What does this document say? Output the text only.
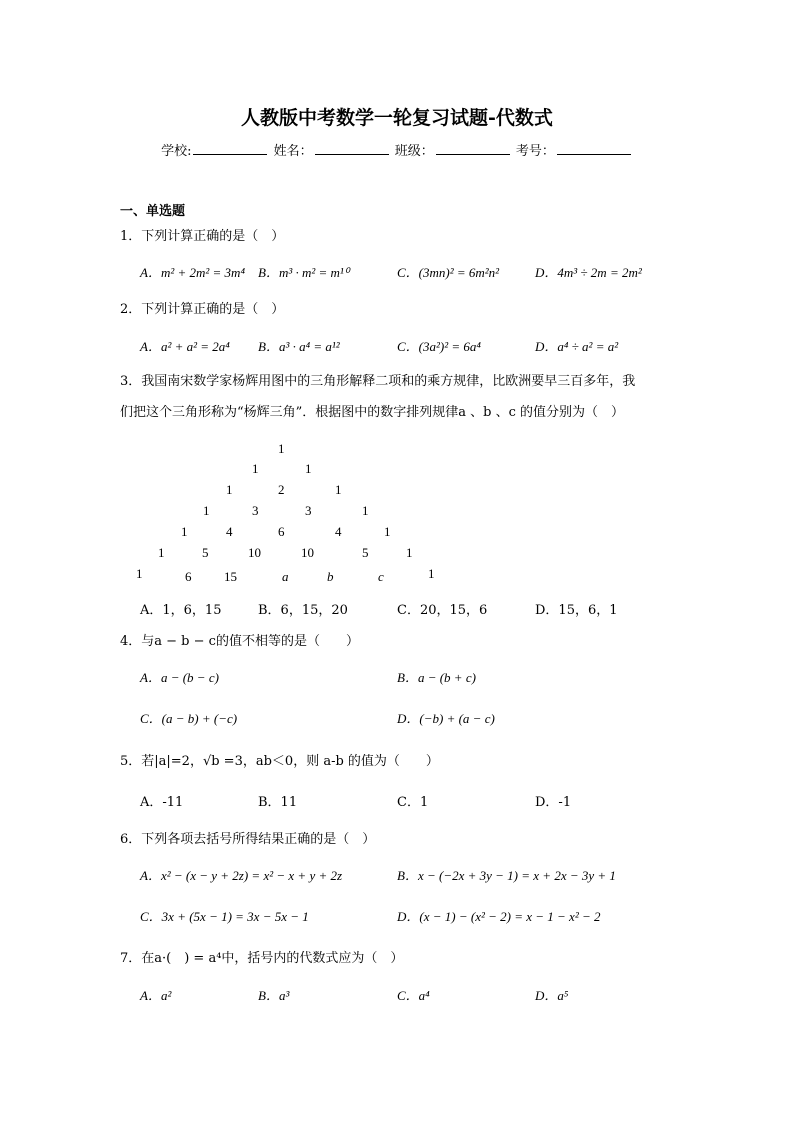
人教版中考数学一轮复习试题-代数式
学校:	姓名：	班级：	考号：
一、单选题
1．下列计算正确的是（　）
A．m² + 2m² = 3m⁴ B．m³ · m² = m¹⁰	C．(3mn)² = 6m²n²	D．4m³ ÷ 2m = 2m²
2．下列计算正确的是（　）
A．a² + a² = 2a⁴ B．a³ · a⁴ = a¹²	C．(3a²)² = 6a⁴	D．a⁴ ÷ a² = a²
3．我国南宋数学家杨辉用图中的三角形解释二项和的乘方规律，比欧洲要早三百多年，我
们把这个三角形称为“杨辉三角”．根据图中的数字排列规律a 、b 、c 的值分别为（　）
1
1	1
1	2	1
1	3	3	1
1	4	6	4	1
1	5	10	10	5	1
1	6	15	a	b	c	1
A．1，6，15	B．6，15，20	C．20，15，6	D．15，6，1
4．与a − b − c的值不相等的是（　　）
A．a − (b − c)	B．a − (b + c)
C．(a − b) + (−c)	D．(−b) + (a − c)
5．若|a|=2，√b =3，ab＜0，则 a-b 的值为（　　）
A．-11	B．11	C．1	D．-1
6．下列各项去括号所得结果正确的是（　）
A．x² − (x − y + 2z) = x² − x + y + 2z	B．x − (−2x + 3y − 1) = x + 2x − 3y + 1
C．3x + (5x − 1) = 3x − 5x − 1	D．(x − 1) − (x² − 2) = x − 1 − x² − 2
7．在a·(　) = a⁴中，括号内的代数式应为（　）
A．a²	B．a³	C．a⁴	D．a⁵
